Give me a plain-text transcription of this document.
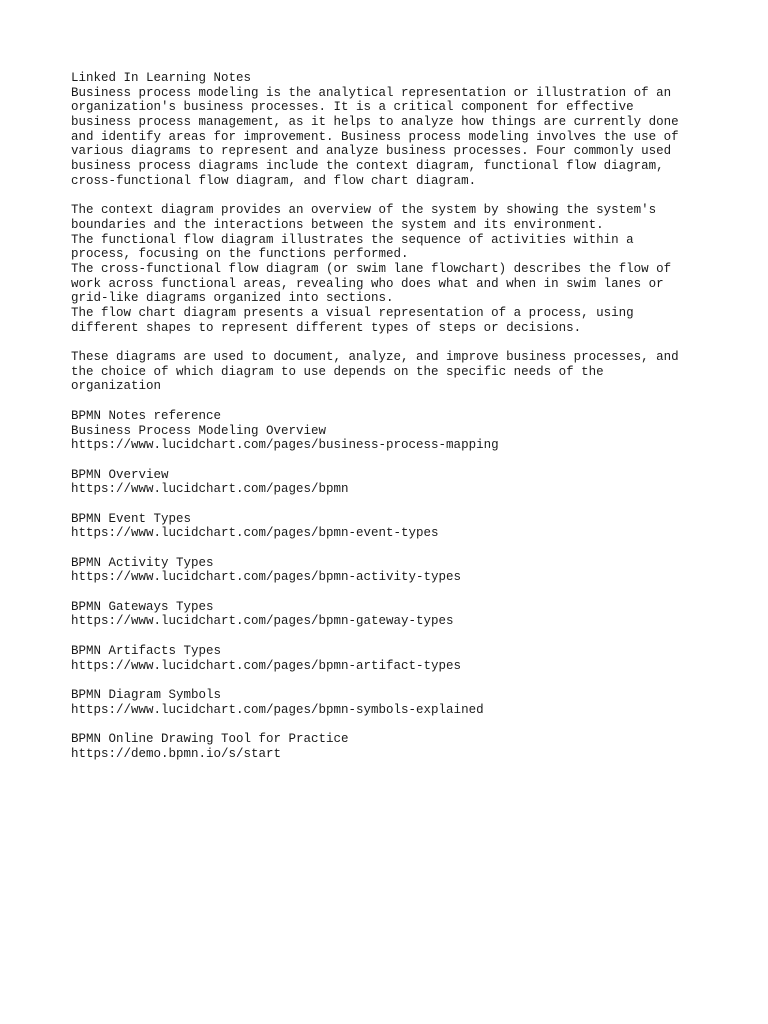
Linked In Learning Notes
Business process modeling is the analytical representation or illustration of an
organization's business processes. It is a critical component for effective
business process management, as it helps to analyze how things are currently done
and identify areas for improvement. Business process modeling involves the use of
various diagrams to represent and analyze business processes. Four commonly used
business process diagrams include the context diagram, functional flow diagram,
cross-functional flow diagram, and flow chart diagram.
The context diagram provides an overview of the system by showing the system's
boundaries and the interactions between the system and its environment.
The functional flow diagram illustrates the sequence of activities within a
process, focusing on the functions performed.
The cross-functional flow diagram (or swim lane flowchart) describes the flow of
work across functional areas, revealing who does what and when in swim lanes or
grid-like diagrams organized into sections.
The flow chart diagram presents a visual representation of a process, using
different shapes to represent different types of steps or decisions.
These diagrams are used to document, analyze, and improve business processes, and
the choice of which diagram to use depends on the specific needs of the
organization
BPMN Notes reference
Business Process Modeling Overview
https://www.lucidchart.com/pages/business-process-mapping
BPMN Overview
https://www.lucidchart.com/pages/bpmn
BPMN Event Types
https://www.lucidchart.com/pages/bpmn-event-types
BPMN Activity Types
https://www.lucidchart.com/pages/bpmn-activity-types
BPMN Gateways Types
https://www.lucidchart.com/pages/bpmn-gateway-types
BPMN Artifacts Types
https://www.lucidchart.com/pages/bpmn-artifact-types
BPMN Diagram Symbols
https://www.lucidchart.com/pages/bpmn-symbols-explained
BPMN Online Drawing Tool for Practice
https://demo.bpmn.io/s/start
